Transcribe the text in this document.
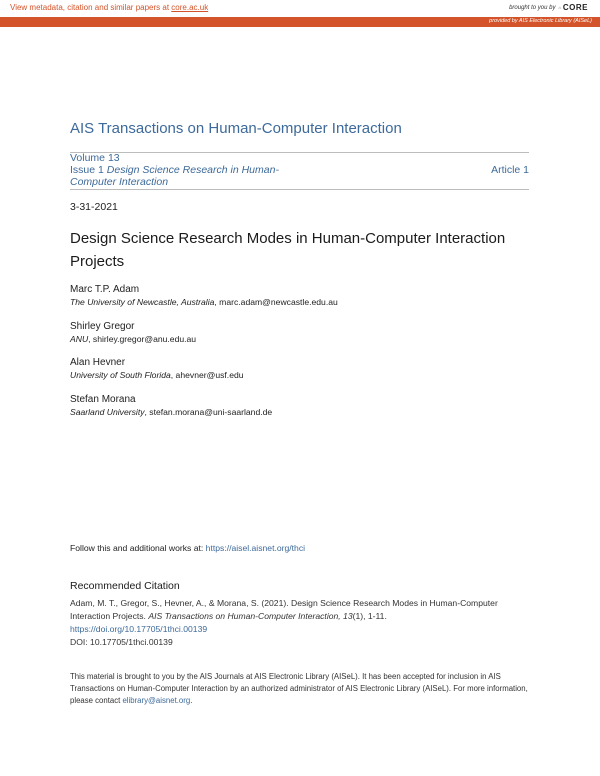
View metadata, citation and similar papers at core.ac.uk	brought to you by ⌂ CORE
provided by AIS Electronic Library (AISeL)
AIS Transactions on Human-Computer Interaction
Volume 13
Issue 1 Design Science Research in Human-Computer Interaction
Article 1
3-31-2021
Design Science Research Modes in Human-Computer Interaction Projects
Marc T.P. Adam
The University of Newcastle, Australia, marc.adam@newcastle.edu.au
Shirley Gregor
ANU, shirley.gregor@anu.edu.au
Alan Hevner
University of South Florida, ahevner@usf.edu
Stefan Morana
Saarland University, stefan.morana@uni-saarland.de
Follow this and additional works at: https://aisel.aisnet.org/thci
Recommended Citation
Adam, M. T., Gregor, S., Hevner, A., & Morana, S. (2021). Design Science Research Modes in Human-Computer Interaction Projects. AIS Transactions on Human-Computer Interaction, 13(1), 1-11.
https://doi.org/10.17705/1thci.00139
DOI: 10.17705/1thci.00139
This material is brought to you by the AIS Journals at AIS Electronic Library (AISeL). It has been accepted for inclusion in AIS Transactions on Human-Computer Interaction by an authorized administrator of AIS Electronic Library (AISeL). For more information, please contact elibrary@aisnet.org.
